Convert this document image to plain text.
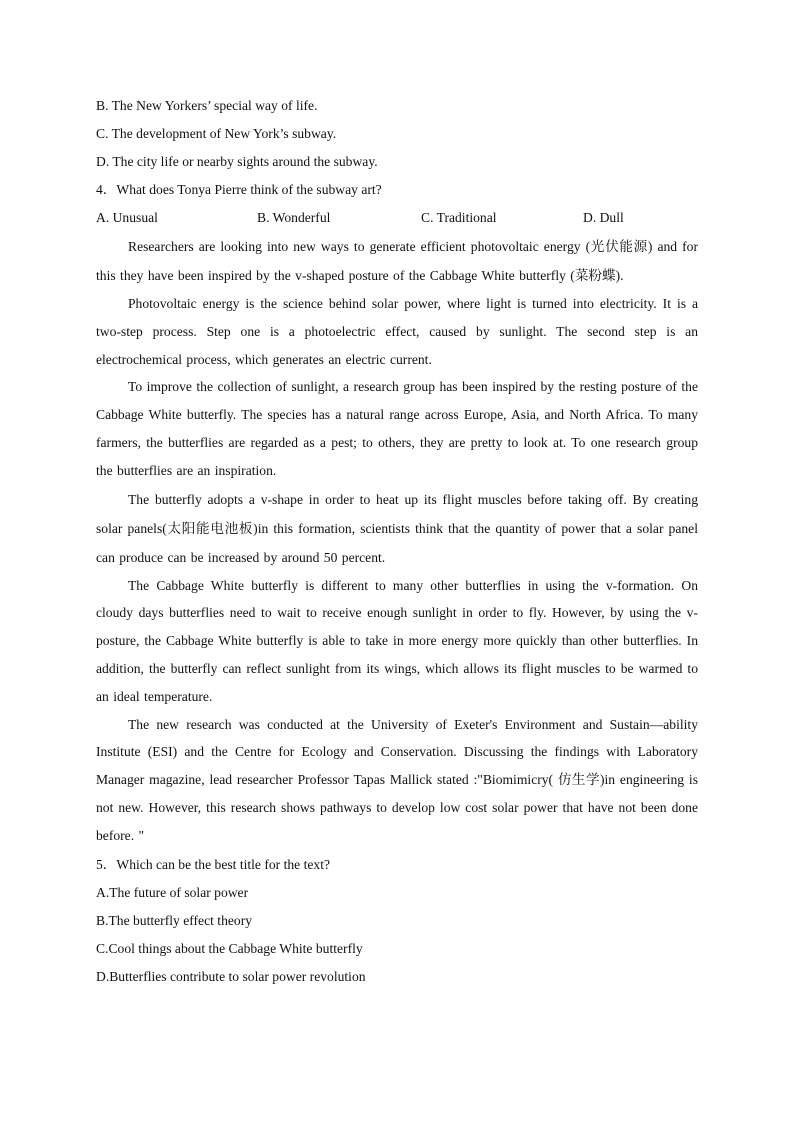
B. The New Yorkers’ special way of life.
C. The development of New York’s subway.
D. The city life or nearby sights around the subway.
4．What does Tonya Pierre think of the subway art?
A. Unusual	B. Wonderful	C. Traditional	D. Dull

Researchers are looking into new ways to generate efficient photovoltaic energy (光伏能源) and for this they have been inspired by the v-shaped posture of the Cabbage White butterfly (菜粉蝶).

Photovoltaic energy is the science behind solar power, where light is turned into electricity. It is a two-step process. Step one is a photoelectric effect, caused by sunlight. The second step is an electrochemical process, which generates an electric current.

To improve the collection of sunlight, a research group has been inspired by the resting posture of the Cabbage White butterfly. The species has a natural range across Europe, Asia, and North Africa. To many farmers, the butterflies are regarded as a pest; to others, they are pretty to look at. To one research group the butterflies are an inspiration.

The butterfly adopts a v-shape in order to heat up its flight muscles before taking off. By creating solar panels(太阳能电池板)in this formation, scientists think that the quantity of power that a solar panel can produce can be increased by around 50 percent.

The Cabbage White butterfly is different to many other butterflies in using the v-formation. On cloudy days butterflies need to wait to receive enough sunlight in order to fly. However, by using the v-posture, the Cabbage White butterfly is able to take in more energy more quickly than other butterflies. In addition, the butterfly can reflect sunlight from its wings, which allows its flight muscles to be warmed to an ideal temperature.

The new research was conducted at the University of Exeter's Environment and Sustain—ability Institute (ESI) and the Centre for Ecology and Conservation. Discussing the findings with Laboratory Manager magazine, lead researcher Professor Tapas Mallick stated :"Biomimicry( 仿生学)in engineering is not new. However, this research shows pathways to develop low cost solar power that have not been done before. "

5．Which can be the best title for the text?
A.The future of solar power
B.The butterfly effect theory
C.Cool things about the Cabbage White butterfly
D.Butterflies contribute to solar power revolution
